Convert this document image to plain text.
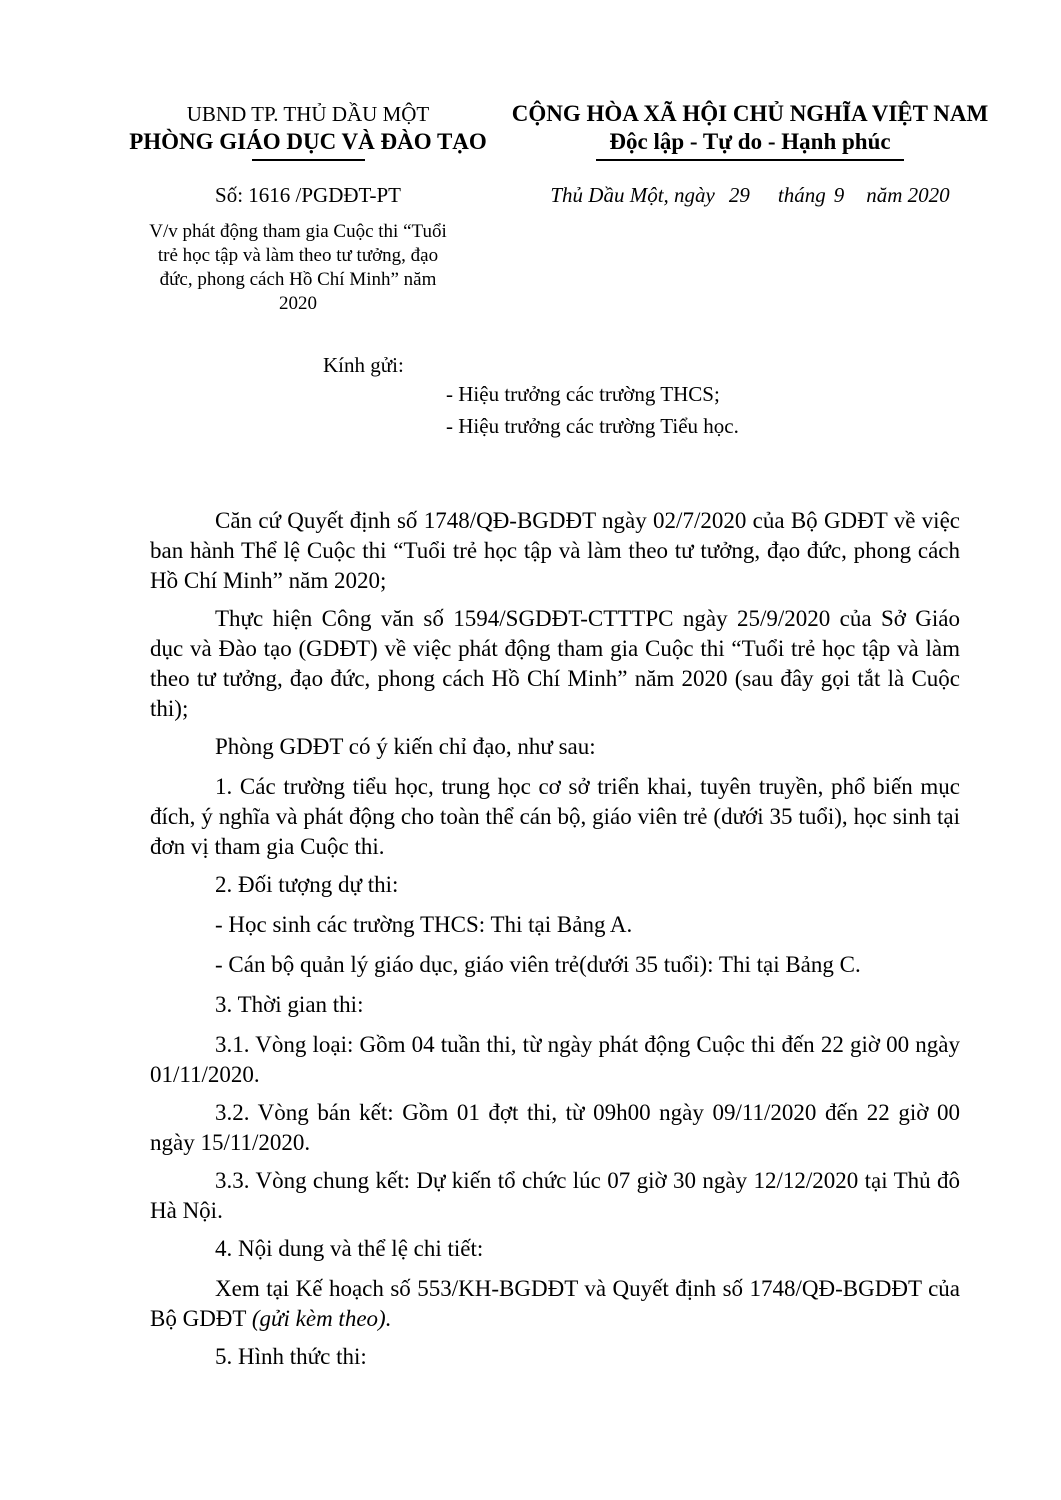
UBND TP. THỦ DẦU MỘT
PHÒNG GIÁO DỤC VÀ ĐÀO TẠO
CỘNG HÒA XÃ HỘI CHỦ NGHĨA VIỆT NAM
Độc lập - Tự do - Hạnh phúc
Số: 1616 /PGDĐT-PT	Thủ Dầu Một, ngày 29 tháng 9 năm 2020
V/v phát động tham gia Cuộc thi “Tuổi trẻ học tập và làm theo tư tưởng, đạo đức, phong cách Hồ Chí Minh” năm 2020
Kính gửi:
- Hiệu trưởng các trường THCS;
- Hiệu trưởng các trường Tiểu học.

Căn cứ Quyết định số 1748/QĐ-BGDĐT ngày 02/7/2020 của Bộ GDĐT về việc ban hành Thể lệ Cuộc thi “Tuổi trẻ học tập và làm theo tư tưởng, đạo đức, phong cách Hồ Chí Minh” năm 2020;

Thực hiện Công văn số 1594/SGDĐT-CTTTPC ngày 25/9/2020 của Sở Giáo dục và Đào tạo (GDĐT) về việc phát động tham gia Cuộc thi “Tuổi trẻ học tập và làm theo tư tưởng, đạo đức, phong cách Hồ Chí Minh” năm 2020 (sau đây gọi tắt là Cuộc thi);

Phòng GDĐT có ý kiến chỉ đạo, như sau:

1. Các trường tiểu học, trung học cơ sở triển khai, tuyên truyền, phổ biến mục đích, ý nghĩa và phát động cho toàn thể cán bộ, giáo viên trẻ (dưới 35 tuổi), học sinh tại đơn vị tham gia Cuộc thi.

2. Đối tượng dự thi:

- Học sinh các trường THCS: Thi tại Bảng A.

- Cán bộ quản lý giáo dục, giáo viên trẻ(dưới 35 tuổi): Thi tại Bảng C.

3. Thời gian thi:

3.1. Vòng loại: Gồm 04 tuần thi, từ ngày phát động Cuộc thi đến 22 giờ 00 ngày 01/11/2020.

3.2. Vòng bán kết: Gồm 01 đợt thi, từ 09h00 ngày 09/11/2020 đến 22 giờ 00 ngày 15/11/2020.

3.3. Vòng chung kết: Dự kiến tổ chức lúc 07 giờ 30 ngày 12/12/2020 tại Thủ đô Hà Nội.

4. Nội dung và thể lệ chi tiết:

Xem tại Kế hoạch số 553/KH-BGDĐT và Quyết định số 1748/QĐ-BGDĐT của Bộ GDĐT (gửi kèm theo).

5. Hình thức thi:
